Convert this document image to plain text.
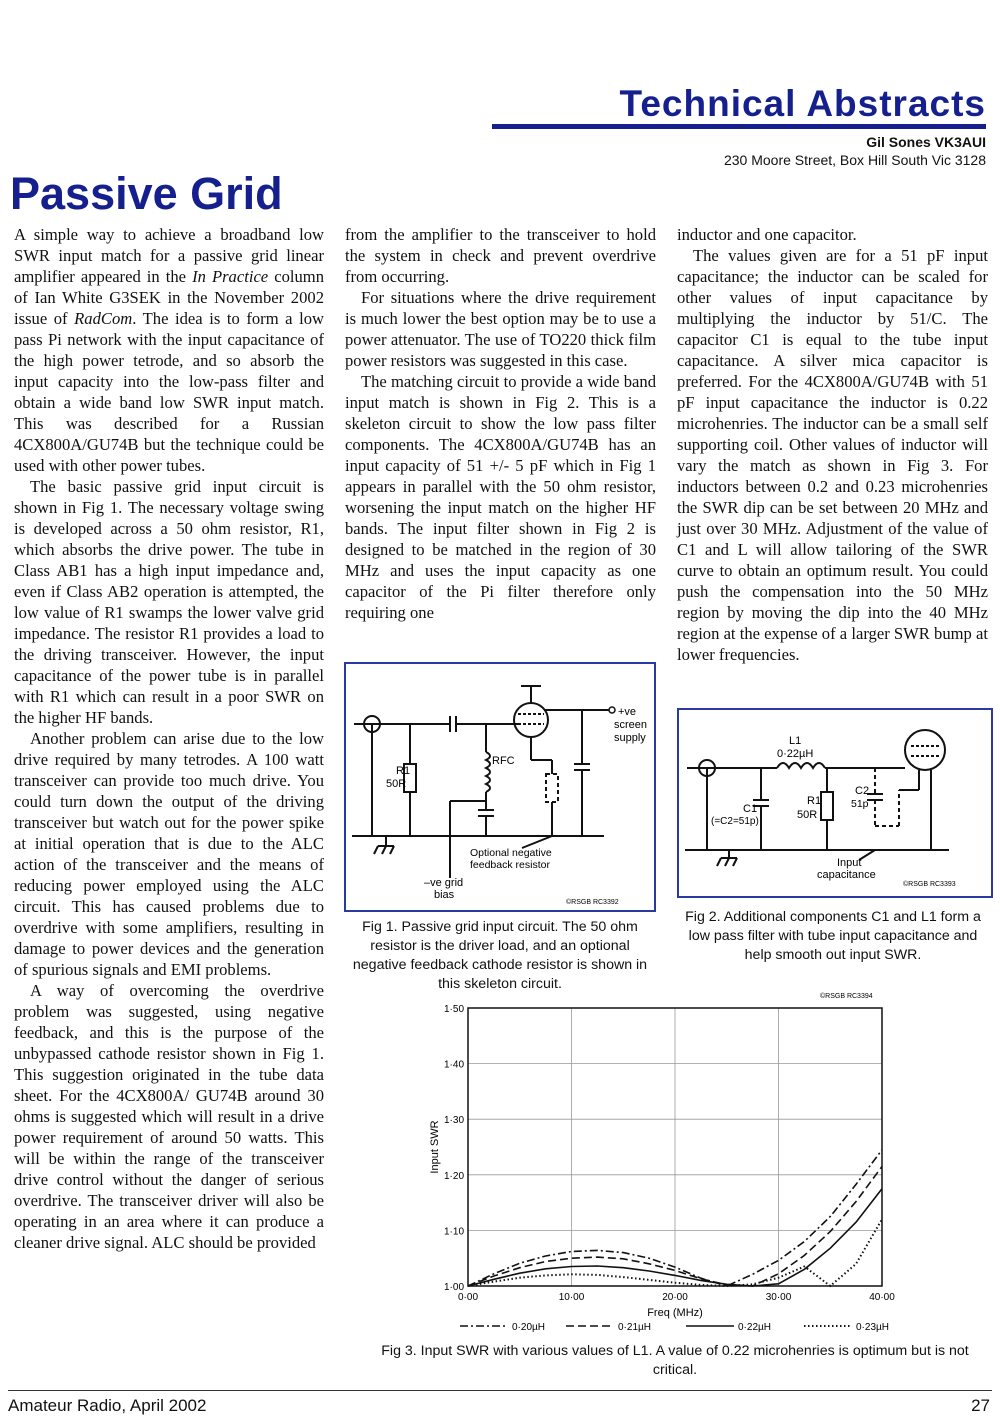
Technical Abstracts
Gil Sones VK3AUI
230 Moore Street, Box Hill South Vic 3128
Passive Grid

A simple way to achieve a broadband low SWR input match for a passive grid linear amplifier appeared in the In Practice column of Ian White G3SEK in the November 2002 issue of RadCom. The idea is to form a low pass Pi network with the input capacitance of the high power tetrode, and so absorb the input capacity into the low-pass filter and obtain a wide band low SWR input match. This was described for a Russian 4CX800A/GU74B but the technique could be used with other power tubes.

The basic passive grid input circuit is shown in Fig 1. The necessary voltage swing is developed across a 50 ohm resistor, R1, which absorbs the drive power. The tube in Class AB1 has a high input impedance and, even if Class AB2 operation is attempted, the low value of R1 swamps the lower valve grid impedance. The resistor R1 provides a load to the driving transceiver. However, the input capacitance of the power tube is in parallel with R1 which can result in a poor SWR on the higher HF bands.

Another problem can arise due to the low drive required by many tetrodes. A 100 watt transceiver can provide too much drive. You could turn down the output of the driving transceiver but watch out for the power spike at initial operation that is due to the ALC action of the transceiver and the means of reducing power employed using the ALC circuit. This has caused problems due to overdrive with some amplifiers, resulting in damage to power devices and the generation of spurious signals and EMI problems.

A way of overcoming the overdrive problem was suggested, using negative feedback, and this is the purpose of the unbypassed cathode resistor shown in Fig 1. This suggestion originated in the tube data sheet. For the 4CX800A/ GU74B around 30 ohms is suggested which will result in a drive power requirement of around 50 watts. This will be within the range of the transceiver drive control without the danger of serious overdrive. The transceiver driver will also be operating in an area where it can produce a cleaner drive signal. ALC should be provided

from the amplifier to the transceiver to hold the system in check and prevent overdrive from occurring.

For situations where the drive requirement is much lower the best option may be to use a power attenuator. The use of TO220 thick film power resistors was suggested in this case.

The matching circuit to provide a wide band input match is shown in Fig 2. This is a skeleton circuit to show the low pass filter components. The 4CX800A/GU74B has an input capacity of 51 +/- 5 pF which in Fig 1 appears in parallel with the 50 ohm resistor, worsening the input match on the higher HF bands. The input filter shown in Fig 2 is designed to be matched in the region of 30 MHz and uses the input capacity as one capacitor of the Pi filter therefore only requiring one

inductor and one capacitor.

The values given are for a 51 pF input capacitance; the inductor can be scaled for other values of input capacitance by multiplying the inductor by 51/C. The capacitor C1 is equal to the tube input capacitance. A silver mica capacitor is preferred. For the 4CX800A/GU74B with 51 pF input capacitance the inductor is 0.22 microhenries. The inductor can be a small self supporting coil. Other values of inductor will vary the match as shown in Fig 3. For inductors between 0.2 and 0.23 microhenries the SWR dip can be set between 20 MHz and just over 30 MHz. Adjustment of the value of C1 and L will allow tailoring of the SWR curve to obtain an optimum result. You could push the compensation into the 50 MHz region by moving the dip into the 40 MHz region at the expense of a larger SWR bump at lower frequencies.

+ve
screen
supply
RFC
R1
50R
Optional negative
feedback resistor
–ve grid
bias
©RSGB RC3392
Fig 1. Passive grid input circuit. The 50 ohm resistor is the driver load, and an optional negative feedback cathode resistor is shown in this skeleton circuit.
L1
0·22µH
C1
(=C2=51p)
R1
50R
C2
51p
Input
capacitance
©RSGB RC3393
Fig 2. Additional components C1 and L1 form a low pass filter with tube input capacitance and help smooth out input SWR.
©RSGB RC3394
Freq (MHz)
Input SWR
1·00
1·10
1·20
1·30
1·40
1·50
0·00	10·00	20·00	30·00	40·00
0·20µH	0·21µH	0·22µH	0·23µH
Fig 3. Input SWR with various values of L1. A value of 0.22 microhenries is optimum but is not critical.
Amateur Radio, April 2002	27
